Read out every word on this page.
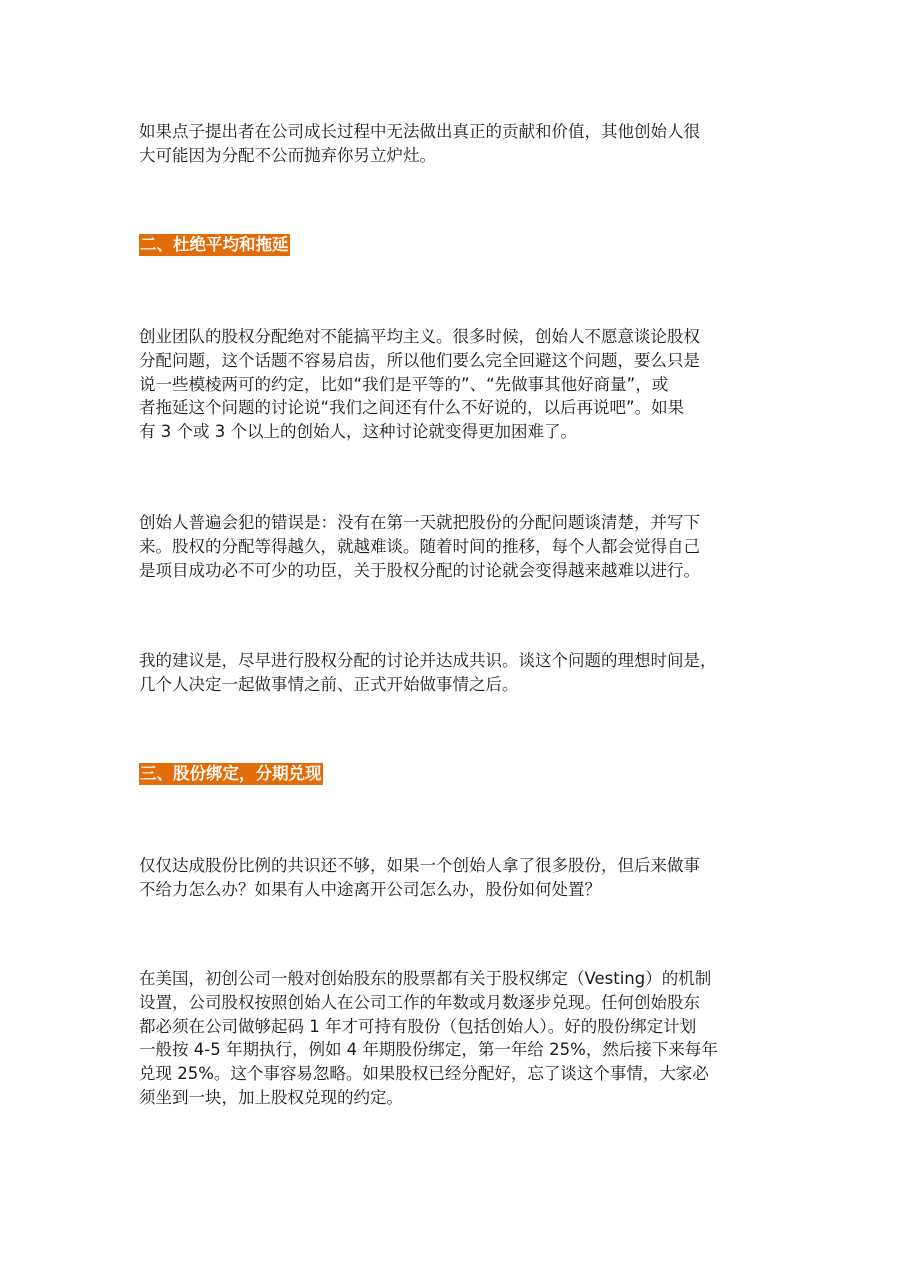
如果点子提出者在公司成长过程中无法做出真正的贡献和价值，其他创始人很
大可能因为分配不公而抛弃你另立炉灶。
二、杜绝平均和拖延
创业团队的股权分配绝对不能搞平均主义。很多时候，创始人不愿意谈论股权
分配问题，这个话题不容易启齿，所以他们要么完全回避这个问题，要么只是
说一些模棱两可的约定，比如“我们是平等的”、“先做事其他好商量”，或
者拖延这个问题的讨论说“我们之间还有什么不好说的，以后再说吧”。如果
有 3 个或 3 个以上的创始人，这种讨论就变得更加困难了。
创始人普遍会犯的错误是：没有在第一天就把股份的分配问题谈清楚，并写下
来。股权的分配等得越久，就越难谈。随着时间的推移，每个人都会觉得自己
是项目成功必不可少的功臣，关于股权分配的讨论就会变得越来越难以进行。
我的建议是，尽早进行股权分配的讨论并达成共识。谈这个问题的理想时间是，
几个人决定一起做事情之前、正式开始做事情之后。
三、股份绑定，分期兑现
仅仅达成股份比例的共识还不够，如果一个创始人拿了很多股份，但后来做事
不给力怎么办？如果有人中途离开公司怎么办，股份如何处置？
在美国，初创公司一般对创始股东的股票都有关于股权绑定（Vesting）的机制
设置，公司股权按照创始人在公司工作的年数或月数逐步兑现。任何创始股东
都必须在公司做够起码 1 年才可持有股份（包括创始人）。好的股份绑定计划
一般按 4-5 年期执行，例如 4 年期股份绑定，第一年给 25%，然后接下来每年
兑现 25%。这个事容易忽略。如果股权已经分配好，忘了谈这个事情，大家必
须坐到一块，加上股权兑现的约定。
